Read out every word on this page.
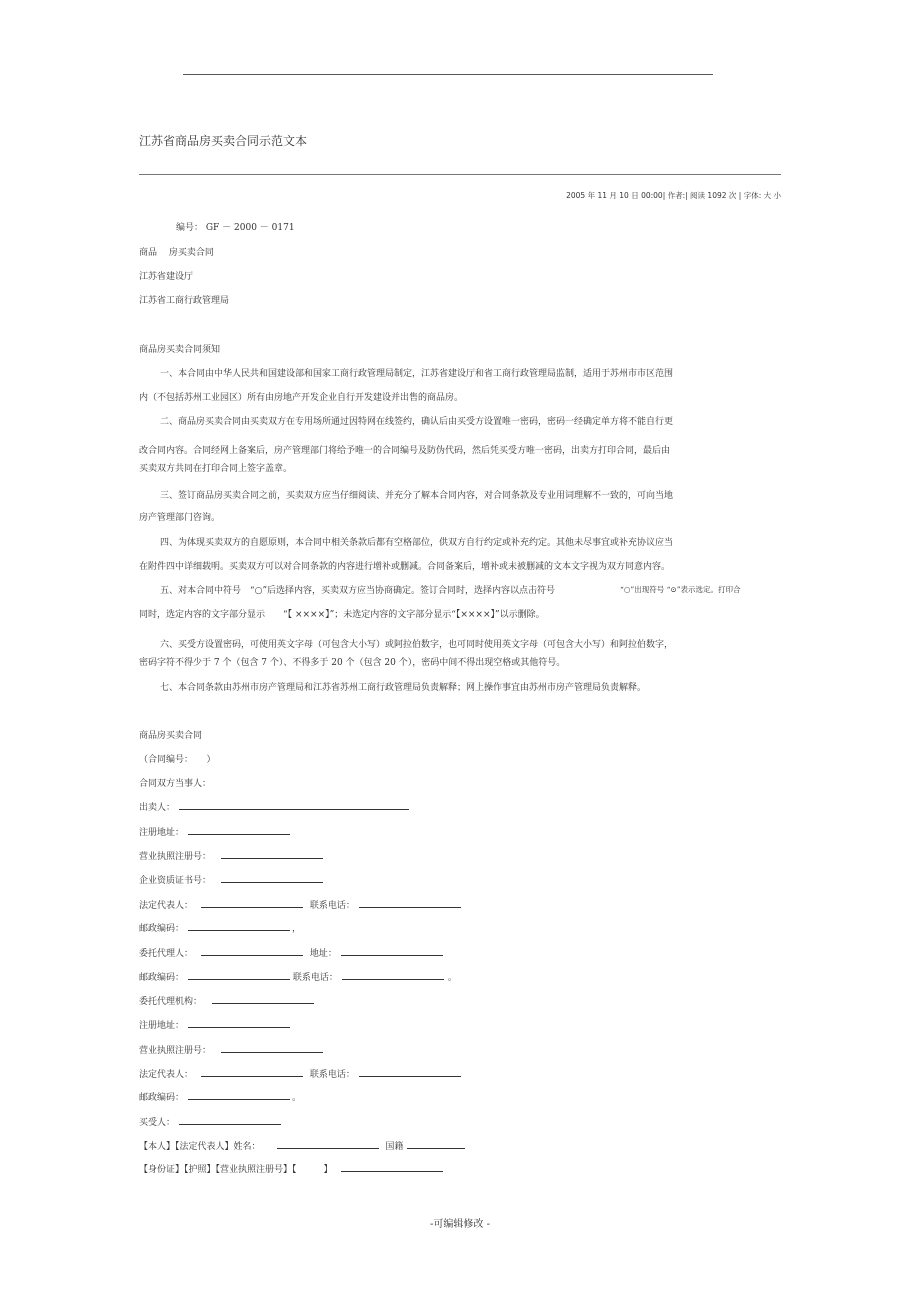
江苏省商品房买卖合同示范文本
2005 年 11 月 10 日 00:00| 作者:| 阅读 1092 次 | 字体: 大 小
编号： GF － 2000 － 0171
商品　 房买卖合同
江苏省建设厅
江苏省工商行政管理局
商品房买卖合同须知
一、本合同由中华人民共和国建设部和国家工商行政管理局制定，江苏省建设厅和省工商行政管理局监制，适用于苏州市市区范围
内（不包括苏州工业园区）所有由房地产开发企业自行开发建设并出售的商品房。
二、商品房买卖合同由买卖双方在专用场所通过因特网在线签约，确认后由买受方设置唯一密码，密码一经确定单方将不能自行更
改合同内容。合同经网上备案后，房产管理部门将给予唯一的合同编号及防伪代码，然后凭买受方唯一密码，出卖方打印合同，最后由
买卖双方共同在打印合同上签字盖章。
三、签订商品房买卖合同之前，买卖双方应当仔细阅读、并充分了解本合同内容，对合同条款及专业用词理解不一致的，可向当地
房产管理部门咨询。
四、为体现买卖双方的自愿原则，本合同中相关条款后都有空格部位，供双方自行约定或补充约定。其他未尽事宜或补充协议应当
在附件四中详细载明。买卖双方可以对合同条款的内容进行增补或删减。合同备案后，增补或未被删减的文本文字视为双方同意内容。
五、对本合同中符号　“○”后选择内容，买卖双方应当协商确定。签订合同时，选择内容以点击符号	“○”出现符号 “⊙”表示选定。打印合
同时，选定内容的文字部分显示　　“【 ××××】”；未选定内容的文字部分显示“【××××】”以示删除。
六、买受方设置密码，可使用英文字母（可包含大小写）或阿拉伯数字，也可同时使用英文字母（可包含大小写）和阿拉伯数字，
密码字符不得少于 7 个（包含 7 个）、不得多于 20 个（包含 20 个），密码中间不得出现空格或其他符号。
七、本合同条款由苏州市房产管理局和江苏省苏州工商行政管理局负责解释；网上操作事宜由苏州市房产管理局负责解释。
商品房买卖合同
（合同编号：　　）
合同双方当事人：
出卖人：
注册地址：
营业执照注册号：
企业资质证书号：
法定代表人：	联系电话：
邮政编码：	，
委托代理人：	地址：
邮政编码：	联系电话：	。
委托代理机构：
注册地址：
营业执照注册号：
法定代表人：	联系电话：
邮政编码：	。
买受人：
【本人】【法定代表人】姓名：	国籍
【身份证】【护照】【营业执照注册号】【　　　】
-可编辑修改 -
